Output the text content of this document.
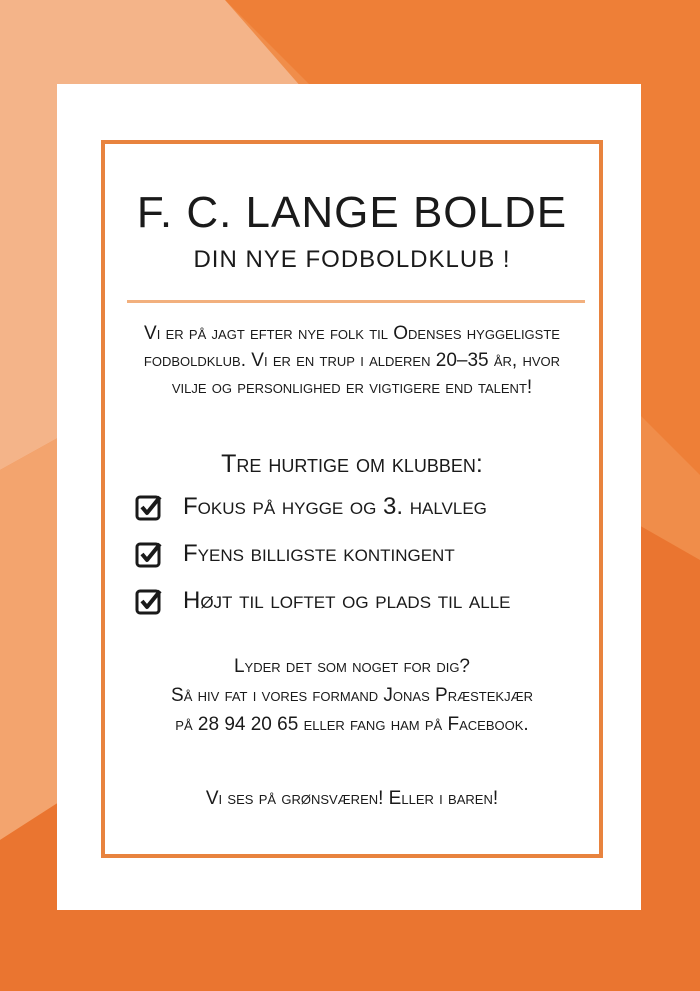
F. C. LANGE BOLDE
DIN NYE FODBOLDKLUB !
Vi er på jagt efter nye folk til Odenses hyggeligste
fodboldklub. Vi er en trup i alderen 20–35 år, hvor
vilje og personlighed er vigtigere end talent!
Tre hurtige om klubben:
Fokus på hygge og 3. halvleg
Fyens billigste kontingent
Højt til loftet og plads til alle
Lyder det som noget for dig?
Så hiv fat i vores formand Jonas Præstekjær
på 28 94 20 65 eller fang ham på Facebook.
Vi ses på grønsværen! Eller i baren!
